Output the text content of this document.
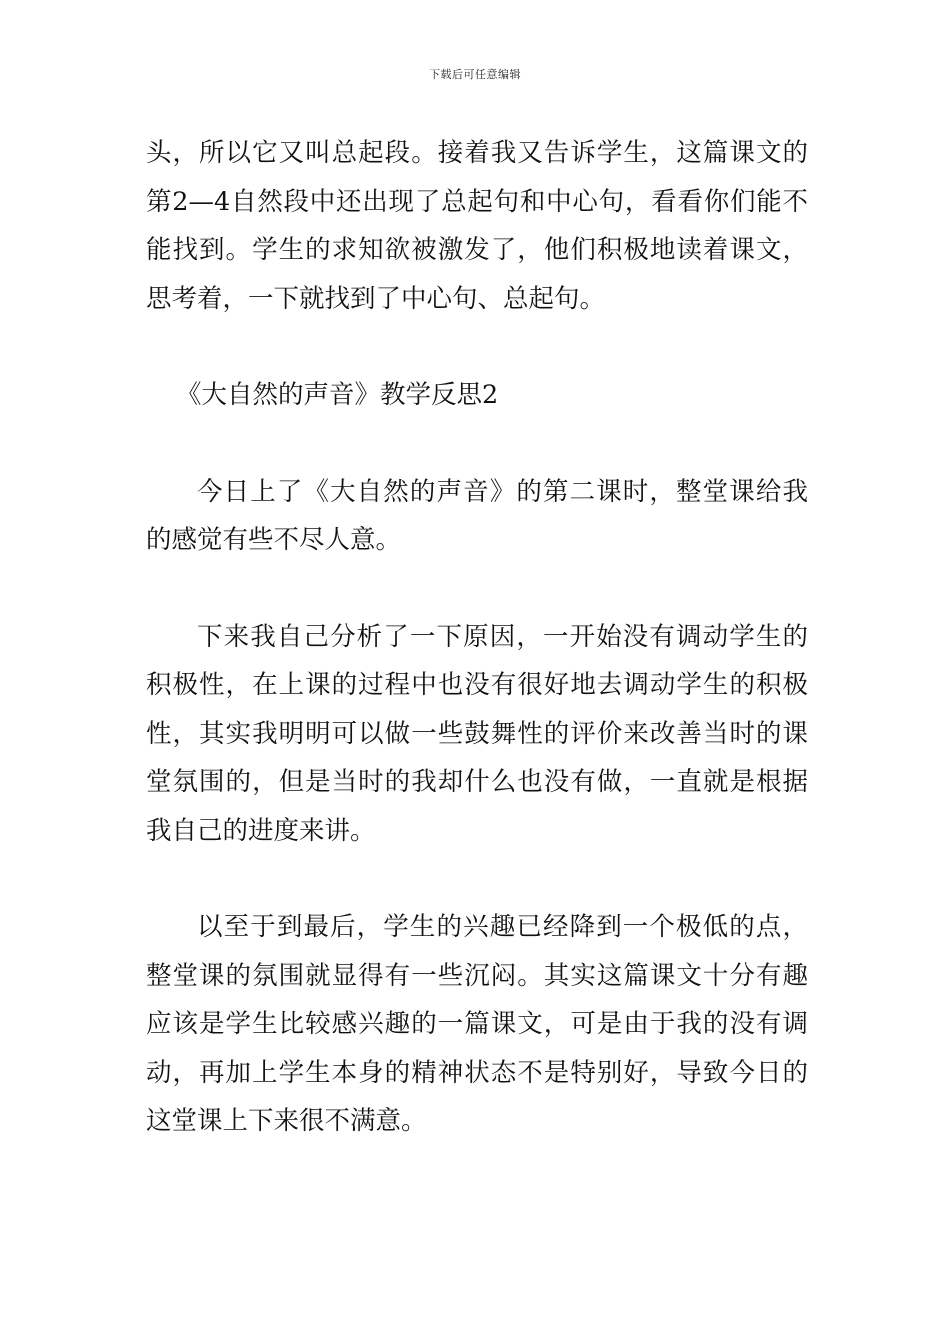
下载后可任意编辑

头，所以它又叫总起段。接着我又告诉学生，这篇课文的第2—4自然段中还出现了总起句和中心句，看看你们能不能找到。学生的求知欲被激发了，他们积极地读着课文，思考着，一下就找到了中心句、总起句。

《大自然的声音》教学反思2

今日上了《大自然的声音》的第二课时，整堂课给我的感觉有些不尽人意。

下来我自己分析了一下原因，一开始没有调动学生的积极性，在上课的过程中也没有很好地去调动学生的积极性，其实我明明可以做一些鼓舞性的评价来改善当时的课堂氛围的，但是当时的我却什么也没有做，一直就是根据我自己的进度来讲。

以至于到最后，学生的兴趣已经降到一个极低的点，整堂课的氛围就显得有一些沉闷。其实这篇课文十分有趣应该是学生比较感兴趣的一篇课文，可是由于我的没有调动，再加上学生本身的精神状态不是特别好，导致今日的这堂课上下来很不满意。
